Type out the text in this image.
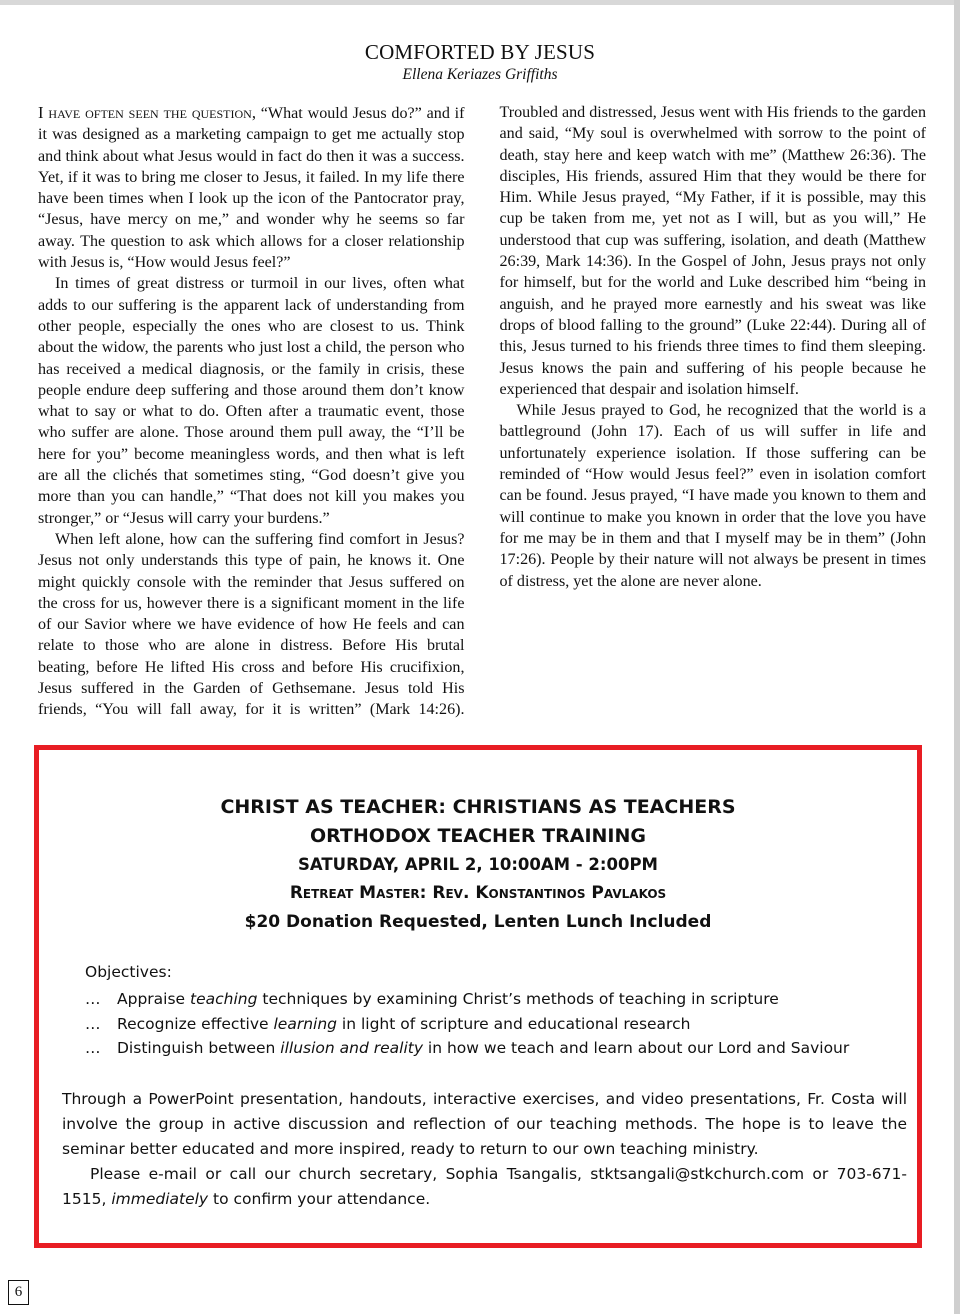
COMFORTED BY JESUS
Ellena Keriazes Griffiths

I have often seen the question, “What would Jesus do?” and if it was designed as a marketing campaign to get me actually stop and think about what Jesus would in fact do then it was a success. Yet, if it was to bring me closer to Jesus, it failed. In my life there have been times when I look up the icon of the Pantocrator pray, “Jesus, have mercy on me,” and wonder why he seems so far away. The question to ask which allows for a closer relationship with Jesus is, “How would Jesus feel?”

In times of great distress or turmoil in our lives, often what adds to our suffering is the apparent lack of understanding from other people, especially the ones who are closest to us. Think about the widow, the parents who just lost a child, the person who has received a medical diagnosis, or the family in crisis, these people endure deep suffering and those around them don’t know what to say or what to do. Often after a traumatic event, those who suffer are alone. Those around them pull away, the “I’ll be here for you” become meaningless words, and then what is left are all the clichés that sometimes sting, “God doesn’t give you more than you can handle,” “That does not kill you makes you stronger,” or “Jesus will carry your burdens.”

When left alone, how can the suffering find comfort in Jesus? Jesus not only understands this type of pain, he knows it. One might quickly console with the reminder that Jesus suffered on the cross for us, however there is a significant moment in the life of our Savior where we have evidence of how He feels and can relate to those who are alone in distress. Before His brutal beating, before He lifted His cross and before His crucifixion, Jesus suffered in the Garden of Gethsemane. Jesus told His friends, “You will fall away, for it is written” (Mark 14:26). Troubled and distressed, Jesus went with His friends to the garden and said, “My soul is overwhelmed with sorrow to the point of death, stay here and keep watch with me” (Matthew 26:36). The disciples, His friends, assured Him that they would be there for Him. While Jesus prayed, “My Father, if it is possible, may this cup be taken from me, yet not as I will, but as you will,” He understood that cup was suffering, isolation, and death (Matthew 26:39, Mark 14:36). In the Gospel of John, Jesus prays not only for himself, but for the world and Luke described him “being in anguish, and he prayed more earnestly and his sweat was like drops of blood falling to the ground” (Luke 22:44). During all of this, Jesus turned to his friends three times to find them sleeping. Jesus knows the pain and suffering of his people because he experienced that despair and isolation himself.

While Jesus prayed to God, he recognized that the world is a battleground (John 17). Each of us will suffer in life and unfortunately experience isolation. If those suffering can be reminded of “How would Jesus feel?” even in isolation comfort can be found. Jesus prayed, “I have made you known to them and will continue to make you known in order that the love you have for me may be in them and that I myself may be in them” (John 17:26). People by their nature will not always be present in times of distress, yet the alone are never alone.

CHRIST AS TEACHER: CHRISTIANS AS TEACHERS
ORTHODOX TEACHER TRAINING
SATURDAY, APRIL 2, 10:00AM - 2:00PM
Retreat Master: Rev. Konstantinos Pavlakos
$20 Donation Requested, Lenten Lunch Included
Objectives:
…	Appraise teaching techniques by examining Christ’s methods of teaching in scripture
…	Recognize effective learning in light of scripture and educational research
…	Distinguish between illusion and reality in how we teach and learn about our Lord and Saviour

Through a PowerPoint presentation, handouts, interactive exercises, and video presentations, Fr. Costa will involve the group in active discussion and reflection of our teaching methods. The hope is to leave the seminar better educated and more inspired, ready to return to our own teaching ministry.

Please e-mail or call our church secretary, Sophia Tsangalis, stktsangali@stkchurch.com or 703-671-1515, immediately to confirm your attendance.

6
